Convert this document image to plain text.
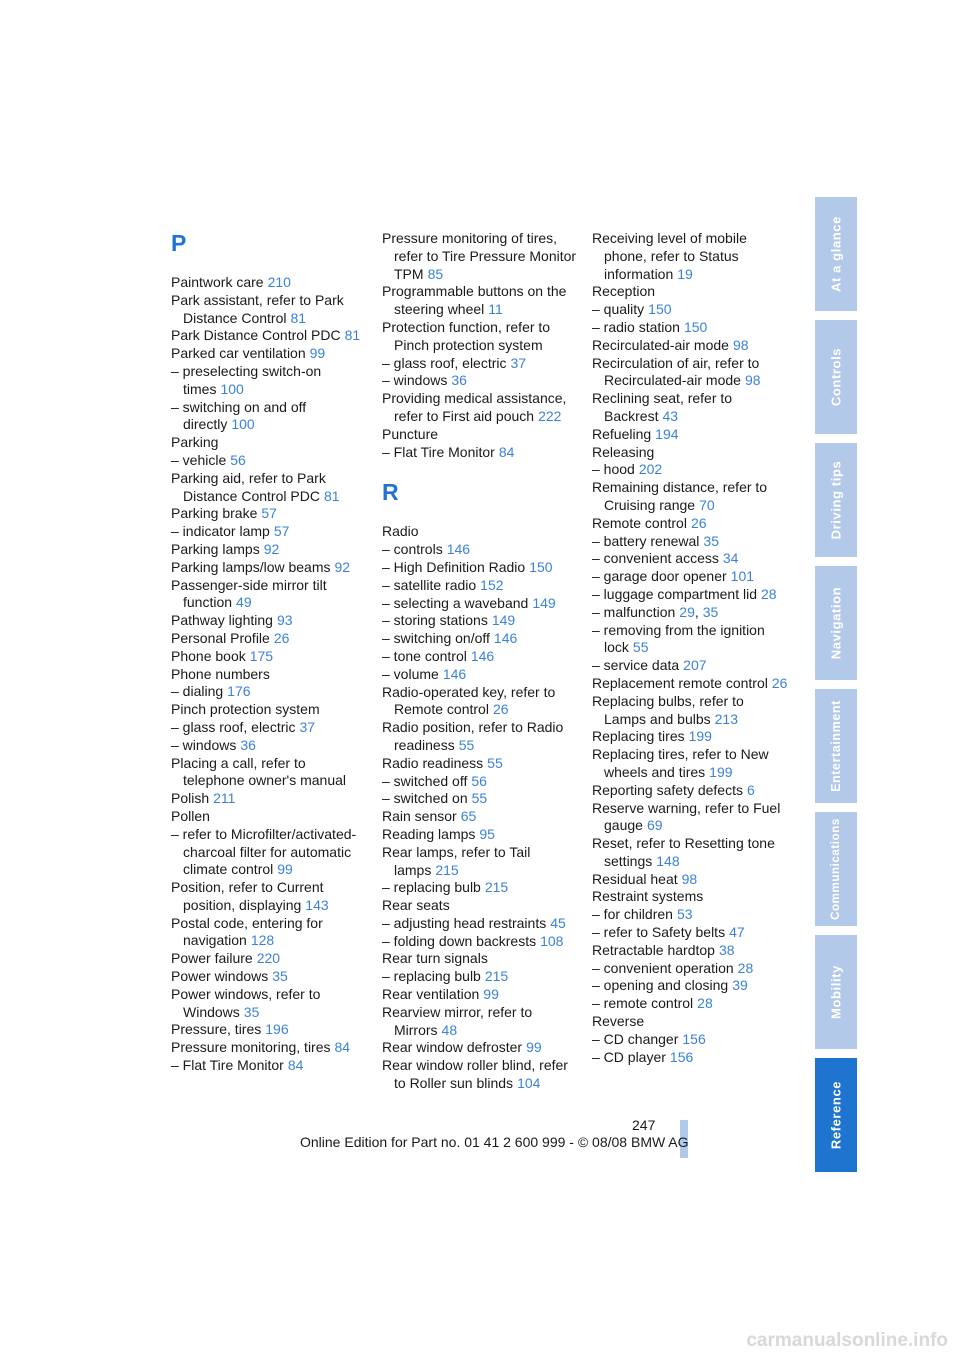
P
Paintwork care 210
Park assistant, refer to Park Distance Control 81
Park Distance Control PDC 81
Parked car ventilation 99
– preselecting switch-on times 100
– switching on and off directly 100
Parking
– vehicle 56
Parking aid, refer to Park Distance Control PDC 81
Parking brake 57
– indicator lamp 57
Parking lamps 92
Parking lamps/low beams 92
Passenger-side mirror tilt function 49
Pathway lighting 93
Personal Profile 26
Phone book 175
Phone numbers
– dialing 176
Pinch protection system
– glass roof, electric 37
– windows 36
Placing a call, refer to telephone owner's manual
Polish 211
Pollen
– refer to Microfilter/activated-charcoal filter for automatic climate control 99
Position, refer to Current position, displaying 143
Postal code, entering for navigation 128
Power failure 220
Power windows 35
Power windows, refer to Windows 35
Pressure, tires 196
Pressure monitoring, tires 84
– Flat Tire Monitor 84
Pressure monitoring of tires, refer to Tire Pressure Monitor TPM 85
Programmable buttons on the steering wheel 11
Protection function, refer to Pinch protection system
– glass roof, electric 37
– windows 36
Providing medical assistance, refer to First aid pouch 222
Puncture
– Flat Tire Monitor 84
R
Radio
– controls 146
– High Definition Radio 150
– satellite radio 152
– selecting a waveband 149
– storing stations 149
– switching on/off 146
– tone control 146
– volume 146
Radio-operated key, refer to Remote control 26
Radio position, refer to Radio readiness 55
Radio readiness 55
– switched off 56
– switched on 55
Rain sensor 65
Reading lamps 95
Rear lamps, refer to Tail lamps 215
– replacing bulb 215
Rear seats
– adjusting head restraints 45
– folding down backrests 108
Rear turn signals
– replacing bulb 215
Rear ventilation 99
Rearview mirror, refer to Mirrors 48
Rear window defroster 99
Rear window roller blind, refer to Roller sun blinds 104
Receiving level of mobile phone, refer to Status information 19
Reception
– quality 150
– radio station 150
Recirculated-air mode 98
Recirculation of air, refer to Recirculated-air mode 98
Reclining seat, refer to Backrest 43
Refueling 194
Releasing
– hood 202
Remaining distance, refer to Cruising range 70
Remote control 26
– battery renewal 35
– convenient access 34
– garage door opener 101
– luggage compartment lid 28
– malfunction 29, 35
– removing from the ignition lock 55
– service data 207
Replacement remote control 26
Replacing bulbs, refer to Lamps and bulbs 213
Replacing tires 199
Replacing tires, refer to New wheels and tires 199
Reporting safety defects 6
Reserve warning, refer to Fuel gauge 69
Reset, refer to Resetting tone settings 148
Residual heat 98
Restraint systems
– for children 53
– refer to Safety belts 47
Retractable hardtop 38
– convenient operation 28
– opening and closing 39
– remote control 28
Reverse
– CD changer 156
– CD player 156
At a glance
Controls
Driving tips
Navigation
Entertainment
Communications
Mobility
Reference
247
Online Edition for Part no. 01 41 2 600 999 - © 08/08 BMW AG
carmanualsonline.info
